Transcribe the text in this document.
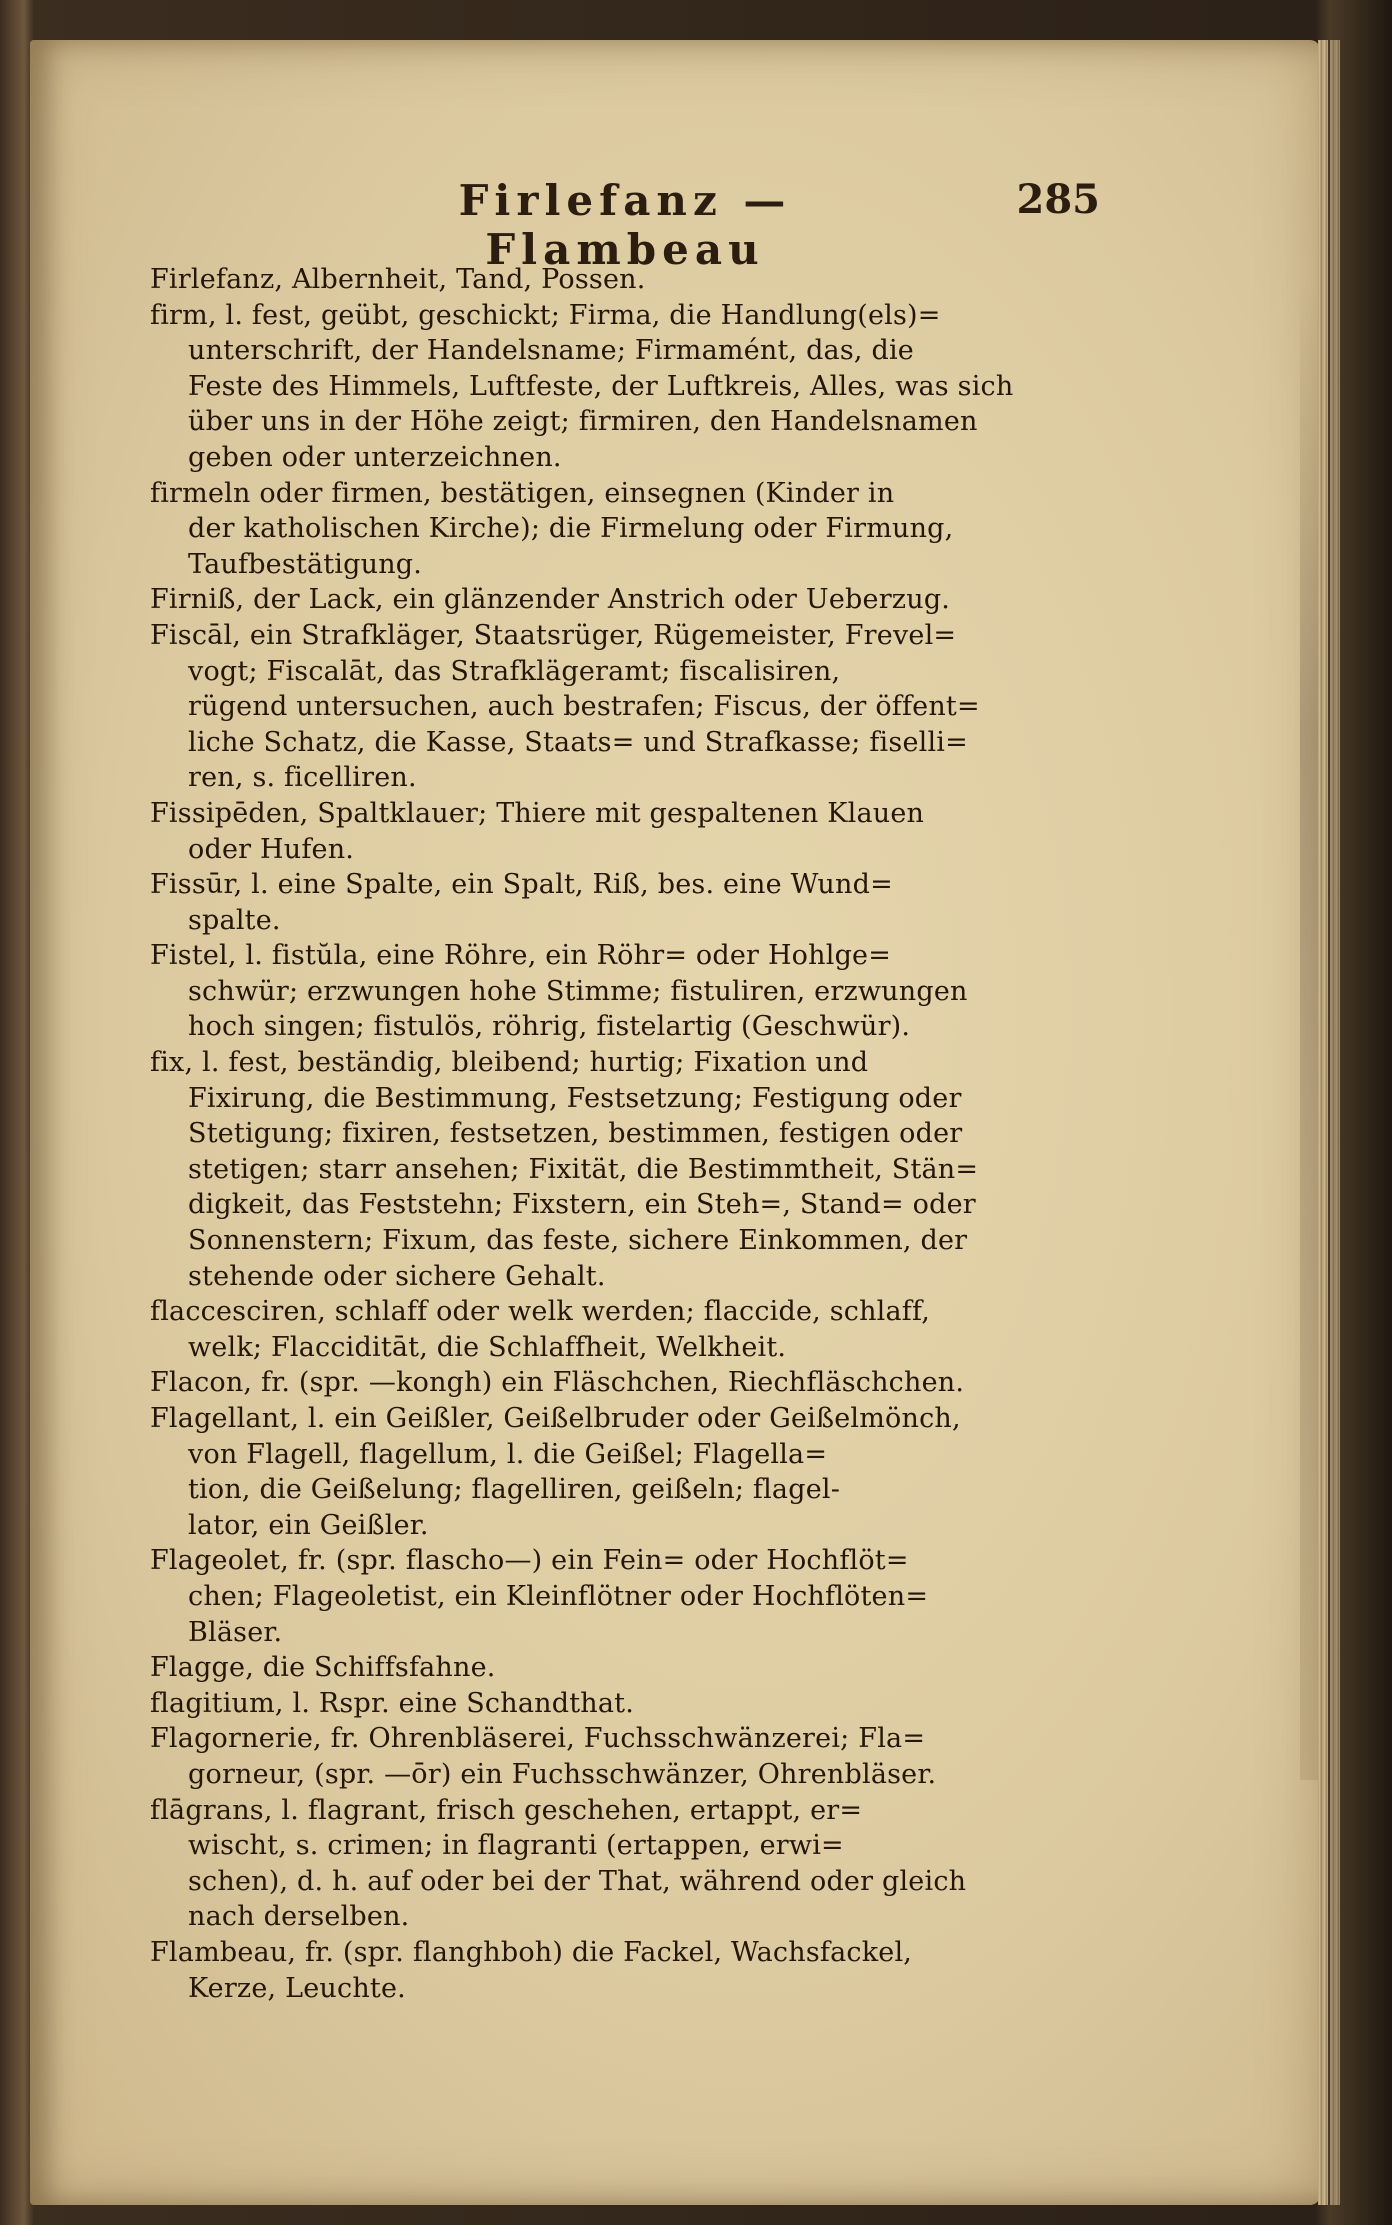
Firlefanz — Flambeau
285
Firlefanz, Albernheit, Tand, Possen.
firm, l. fest, geübt, geschickt; Firma, die Handlung(els)=
unterschrift, der Handelsname; Firmamént, das, die
Feste des Himmels, Luftfeste, der Luftkreis, Alles, was sich
über uns in der Höhe zeigt; firmiren, den Handelsnamen
geben oder unterzeichnen.
firmeln oder firmen, bestätigen, einsegnen (Kinder in
der katholischen Kirche); die Firmelung oder Firmung,
Taufbestätigung.
Firniß, der Lack, ein glänzender Anstrich oder Ueberzug.
Fiscāl, ein Strafkläger, Staatsrüger, Rügemeister, Frevel=
vogt; Fiscalāt, das Strafklägeramt; fiscalisiren,
rügend untersuchen, auch bestrafen; Fiscus, der öffent=
liche Schatz, die Kasse, Staats= und Strafkasse; fiselli=
ren, s. ficelliren.
Fissipēden, Spaltklauer; Thiere mit gespaltenen Klauen
oder Hufen.
Fissūr, l. eine Spalte, ein Spalt, Riß, bes. eine Wund=
spalte.
Fistel, l. fistŭla, eine Röhre, ein Röhr= oder Hohlge=
schwür; erzwungen hohe Stimme; fistuliren, erzwungen
hoch singen; fistulös, röhrig, fistelartig (Geschwür).
fix, l. fest, beständig, bleibend; hurtig; Fixation und
Fixirung, die Bestimmung, Festsetzung; Festigung oder
Stetigung; fixiren, festsetzen, bestimmen, festigen oder
stetigen; starr ansehen; Fixität, die Bestimmtheit, Stän=
digkeit, das Feststehn; Fixstern, ein Steh=, Stand= oder
Sonnenstern; Fixum, das feste, sichere Einkommen, der
stehende oder sichere Gehalt.
flaccesciren, schlaff oder welk werden; flaccide, schlaff,
welk; Flacciditāt, die Schlaffheit, Welkheit.
Flacon, fr. (spr. —kongh) ein Fläschchen, Riechfläschchen.
Flagellant, l. ein Geißler, Geißelbruder oder Geißelmönch,
von Flagell, flagellum, l. die Geißel; Flagella=
tion, die Geißelung; flagelliren, geißeln; flagel-
lator, ein Geißler.
Flageolet, fr. (spr. flascho—) ein Fein= oder Hochflöt=
chen; Flageoletist, ein Kleinflötner oder Hochflöten=
Bläser.
Flagge, die Schiffsfahne.
flagitium, l. Rspr. eine Schandthat.
Flagornerie, fr. Ohrenbläserei, Fuchsschwänzerei; Fla=
gorneur, (spr. —ōr) ein Fuchsschwänzer, Ohrenbläser.
flāgrans, l. flagrant, frisch geschehen, ertappt, er=
wischt, s. crimen; in flagranti (ertappen, erwi=
schen), d. h. auf oder bei der That, während oder gleich
nach derselben.
Flambeau, fr. (spr. flanghboh) die Fackel, Wachsfackel,
Kerze, Leuchte.
